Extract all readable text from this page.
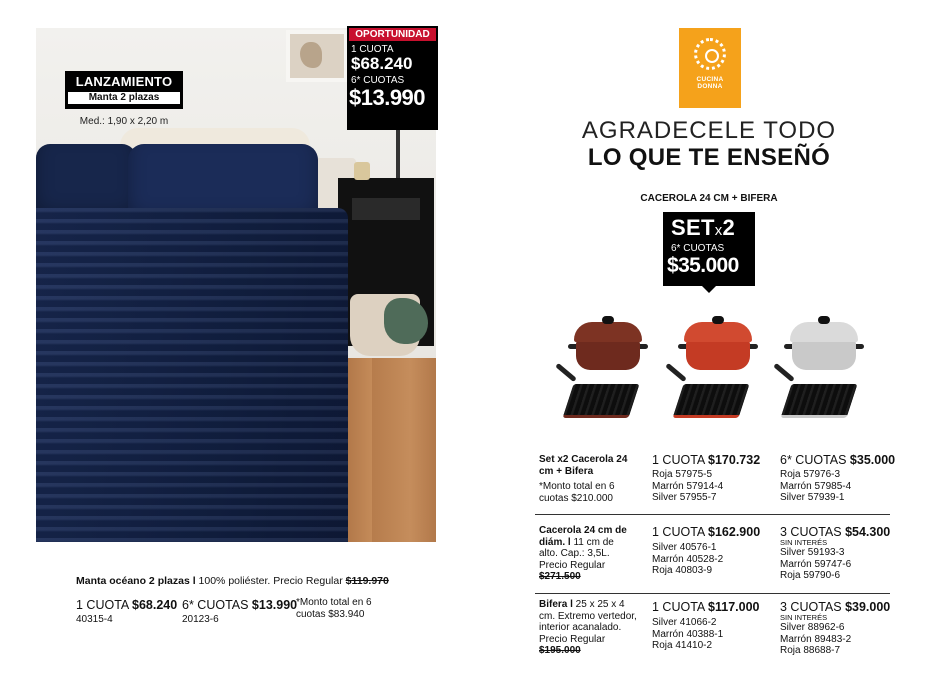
LANZAMIENTO
Manta 2 plazas
Med.: 1,90 x 2,20 m
OPORTUNIDAD
1 CUOTA
$68.240
6* CUOTAS
$13.990
Manta océano 2 plazas l 100% poliéster. Precio Regular $119.970
1 CUOTA $68.240
40315-4
6* CUOTAS $13.990
20123-6
*Monto total en 6 cuotas $83.940
CUCINA
DONNA
AGRADECELE TODO
LO QUE TE ENSEÑÓ
CACEROLA 24 CM + BIFERA
SETx2
6* CUOTAS
$35.000
Set x2 Cacerola 24 cm + Bifera
*Monto total en 6 cuotas $210.000
1 CUOTA $170.732
Roja 57975-5
Marrón 57914-4
Silver 57955-7
6* CUOTAS $35.000
Roja 57976-3
Marrón 57985-4
Silver 57939-1
Cacerola 24 cm de diám. l 11 cm de alto. Cap.: 3,5L. Precio Regular
$271.500
1 CUOTA $162.900
Silver 40576-1
Marrón 40528-2
Roja 40803-9
3 CUOTAS $54.300
SIN INTERÉS
Silver 59193-3
Marrón 59747-6
Roja 59790-6
Bifera l 25 x 25 x 4 cm. Extremo vertedor, interior acanalado. Precio Regular
$195.000
1 CUOTA $117.000
Silver 41066-2
Marrón 40388-1
Roja 41410-2
3 CUOTAS $39.000
SIN INTERÉS
Silver 88962-6
Marrón 89483-2
Roja 88688-7
